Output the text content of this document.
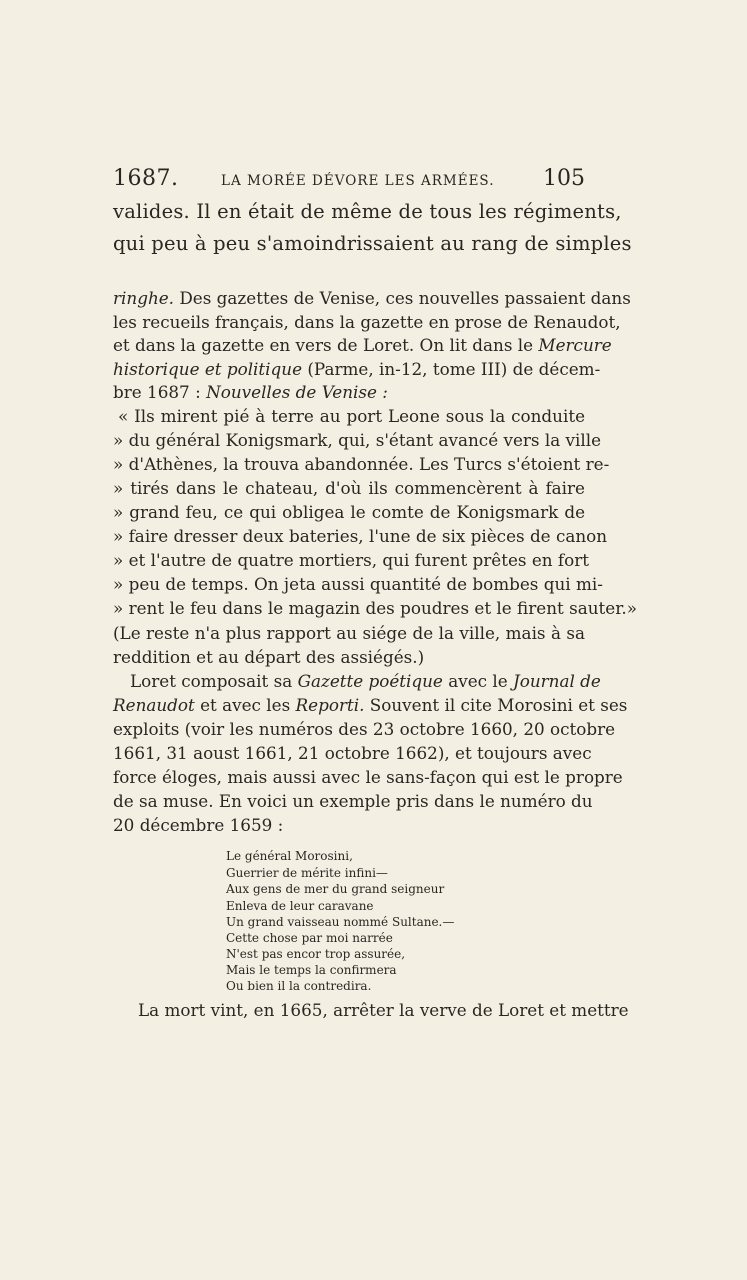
1687.	LA MORÉE DÉVORE LES ARMÉES. 105
valides. Il en était de même de tous les régiments,
qui peu à peu s'amoindrissaient au rang de simples
ringhe. Des gazettes de Venise, ces nouvelles passaient dans
les recueils français, dans la gazette en prose de Renaudot,
et dans la gazette en vers de Loret. On lit dans le Mercure
historique et politique (Parme, in-12, tome III) de décem-
bre 1687 : Nouvelles de Venise :
« Ils mirent pié à terre au port Leone sous la conduite
» du général Konigsmark, qui, s'étant avancé vers la ville
» d'Athènes, la trouva abandonnée. Les Turcs s'étoient re-
» tirés dans le chateau, d'où ils commencèrent à faire
» grand feu, ce qui obligea le comte de Konigsmark de
» faire dresser deux bateries, l'une de six pièces de canon
» et l'autre de quatre mortiers, qui furent prêtes en fort
» peu de temps. On jeta aussi quantité de bombes qui mi-
» rent le feu dans le magazin des poudres et le firent sauter.»
(Le reste n'a plus rapport au siége de la ville, mais à sa
reddition et au départ des assiégés.)
Loret composait sa Gazette poétique avec le Journal de
Renaudot et avec les Reporti. Souvent il cite Morosini et ses
exploits (voir les numéros des 23 octobre 1660, 20 octobre
1661, 31 aoust 1661, 21 octobre 1662), et toujours avec
force éloges, mais aussi avec le sans-façon qui est le propre
de sa muse. En voici un exemple pris dans le numéro du
20 décembre 1659 :
Le général Morosini,
Guerrier de mérite infini—
Aux gens de mer du grand seigneur
Enleva de leur caravane
Un grand vaisseau nommé Sultane.—
Cette chose par moi narrée
N'est pas encor trop assurée,
Mais le temps la confirmera
Ou bien il la contredira.
La mort vint, en 1665, arrêter la verve de Loret et mettre
